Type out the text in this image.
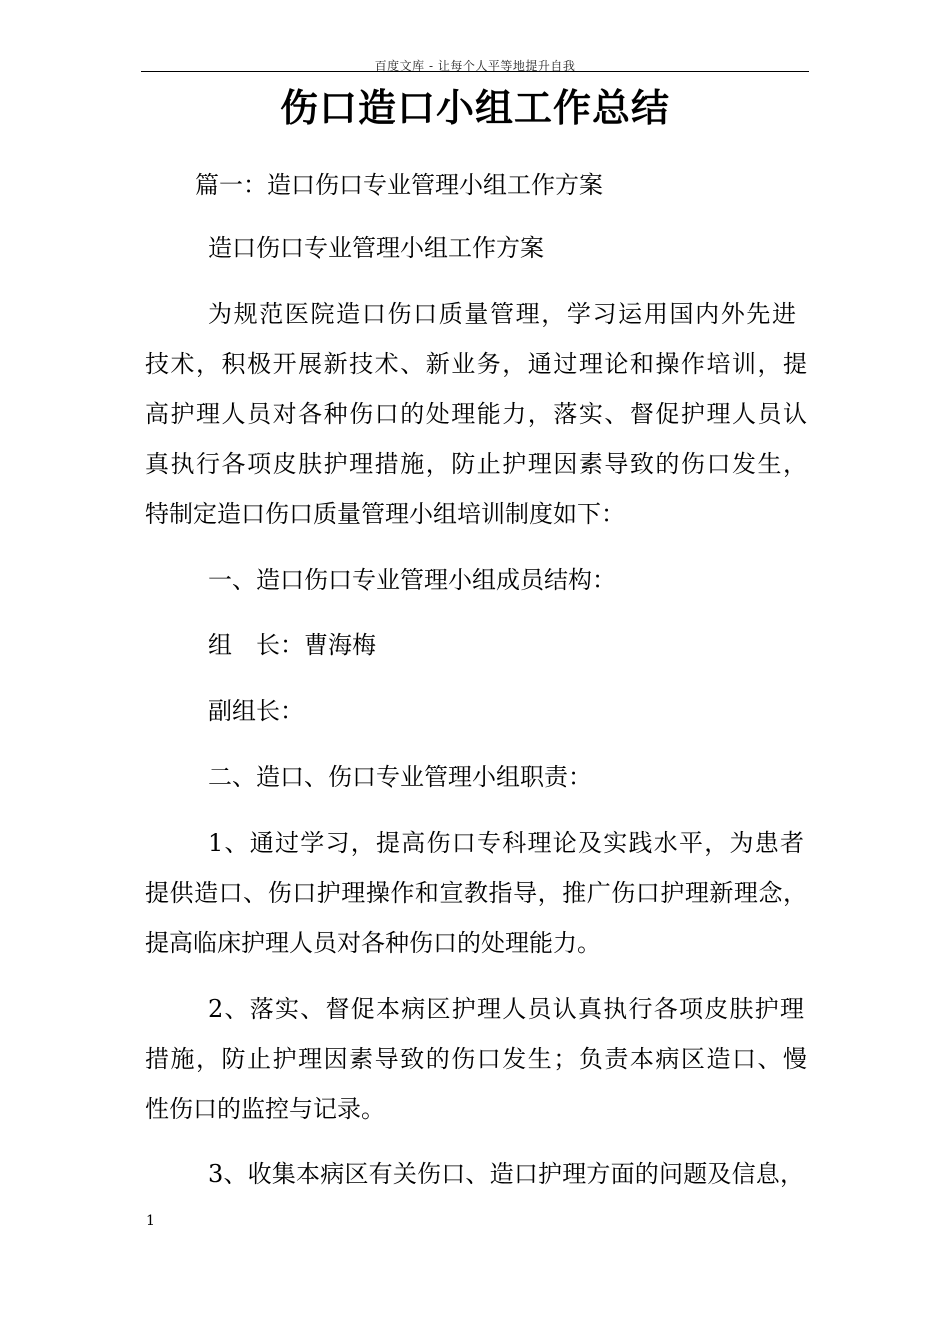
百度文库 - 让每个人平等地提升自我
伤口造口小组工作总结
篇一：造口伤口专业管理小组工作方案
造口伤口专业管理小组工作方案
为规范医院造口伤口质量管理，学习运用国内外先进
技术，积极开展新技术、新业务，通过理论和操作培训，提
高护理人员对各种伤口的处理能力，落实、督促护理人员认
真执行各项皮肤护理措施，防止护理因素导致的伤口发生，
特制定造口伤口质量管理小组培训制度如下：
一、造口伤口专业管理小组成员结构：
组　长：曹海梅
副组长：
二、造口、伤口专业管理小组职责：
1、通过学习，提高伤口专科理论及实践水平，为患者
提供造口、伤口护理操作和宣教指导，推广伤口护理新理念，
提高临床护理人员对各种伤口的处理能力。
2、落实、督促本病区护理人员认真执行各项皮肤护理
措施，防止护理因素导致的伤口发生；负责本病区造口、慢
性伤口的监控与记录。
3、收集本病区有关伤口、造口护理方面的问题及信息，
1
